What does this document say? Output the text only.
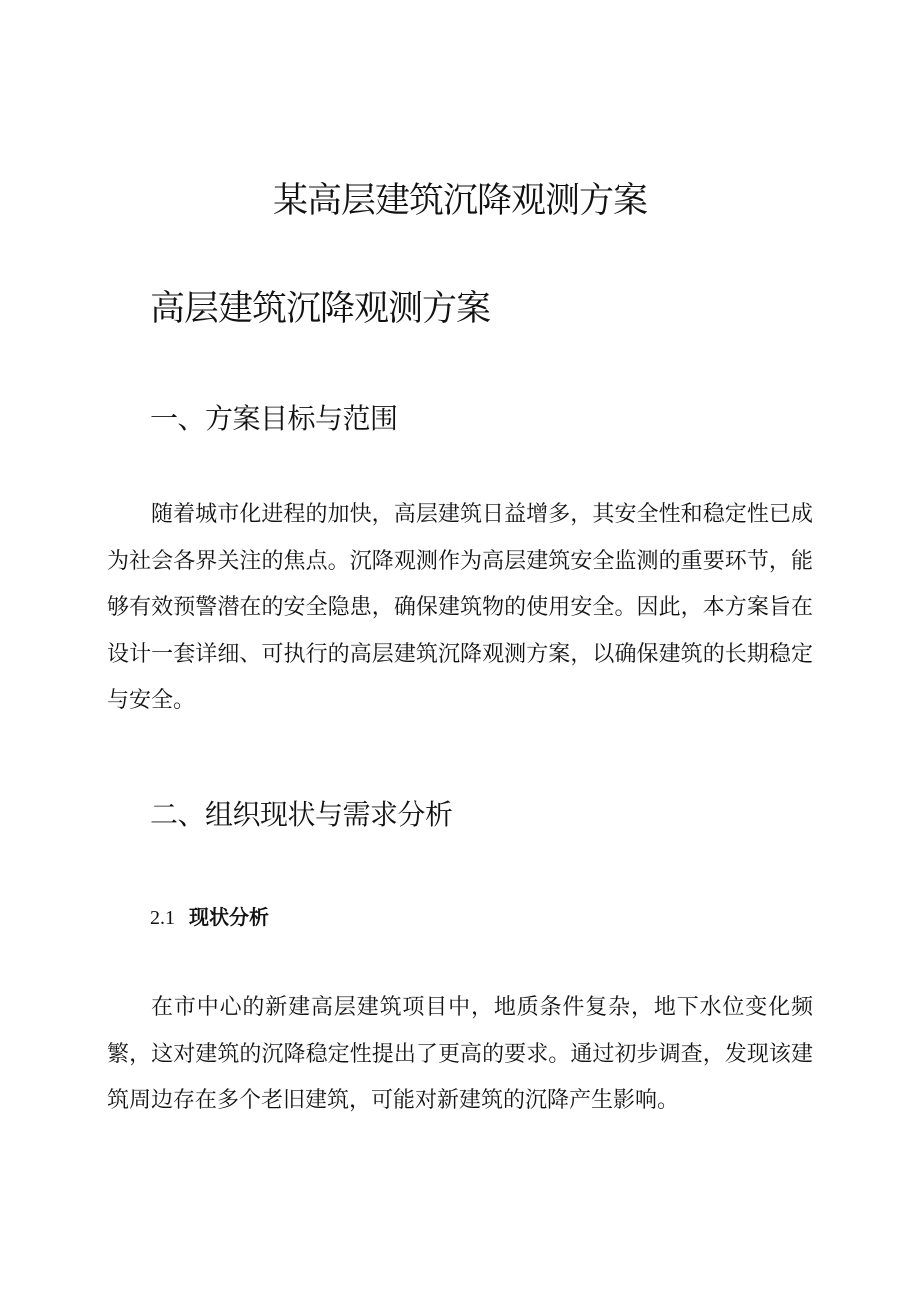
某高层建筑沉降观测方案
高层建筑沉降观测方案
一、方案目标与范围

随着城市化进程的加快，高层建筑日益增多，其安全性和稳定性已成为社会各界关注的焦点。沉降观测作为高层建筑安全监测的重要环节，能够有效预警潜在的安全隐患，确保建筑物的使用安全。因此，本方案旨在设计一套详细、可执行的高层建筑沉降观测方案，以确保建筑的长期稳定与安全。

二、组织现状与需求分析
2.1 现状分析

在市中心的新建高层建筑项目中，地质条件复杂，地下水位变化频繁，这对建筑的沉降稳定性提出了更高的要求。通过初步调查，发现该建筑周边存在多个老旧建筑，可能对新建筑的沉降产生影响。
